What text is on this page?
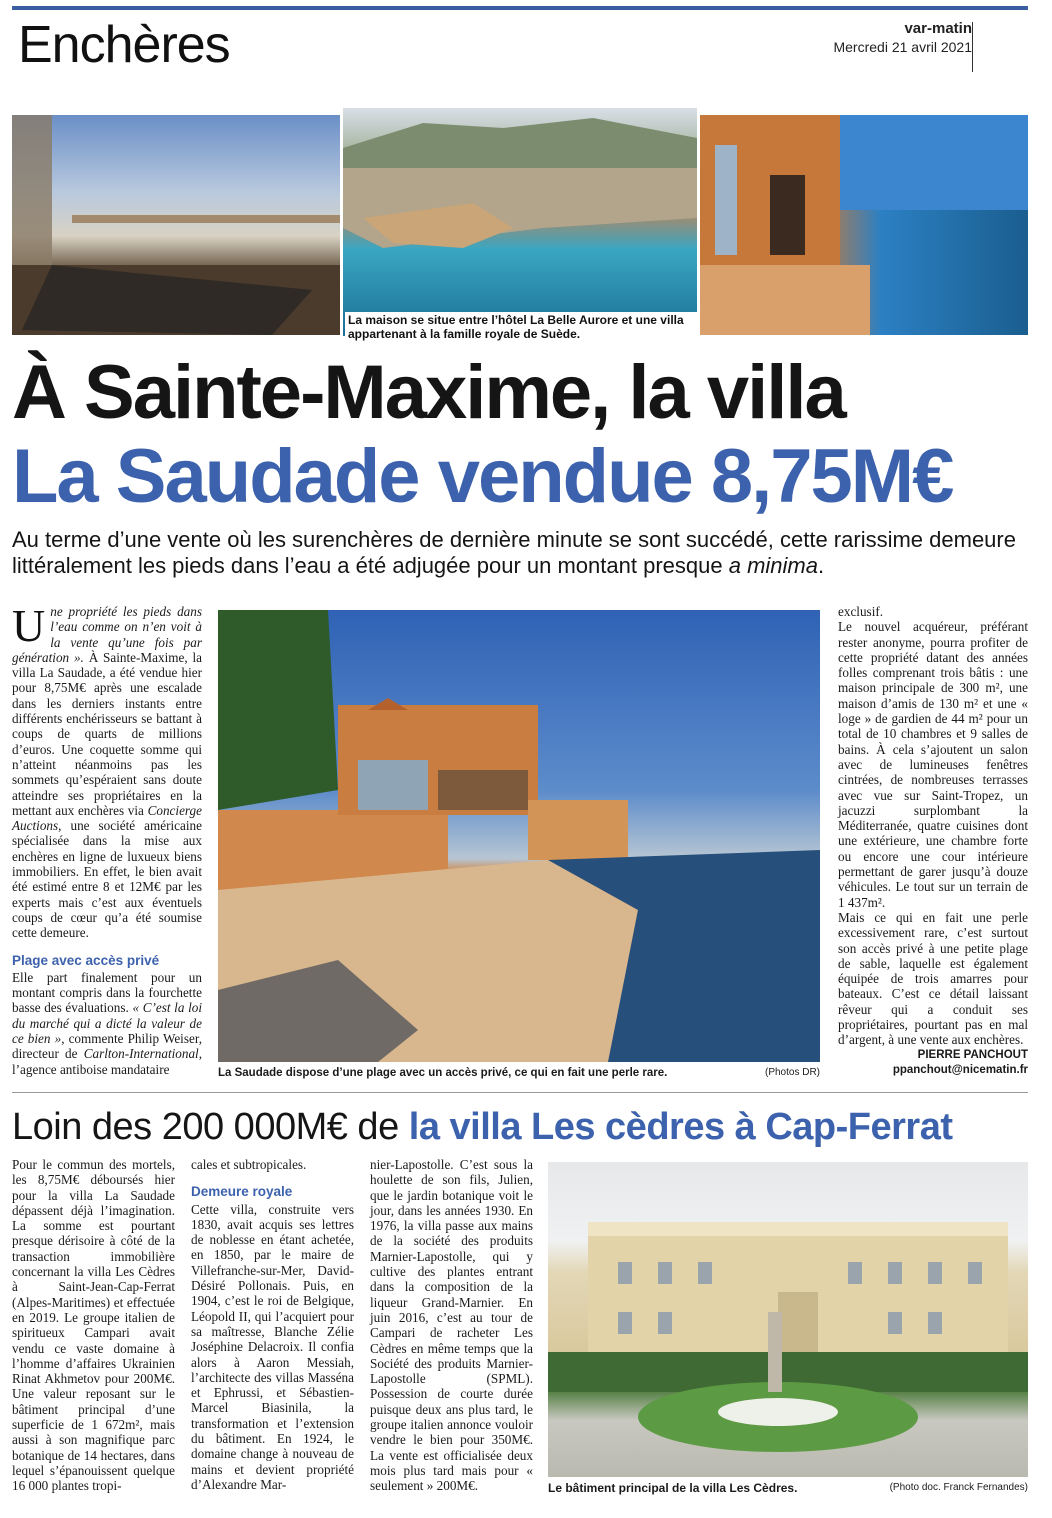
Enchères	var-matin
Mercredi 21 avril 2021
La maison se situe entre l’hôtel La Belle Aurore et une villa appartenant à la famille royale de Suède.
À Sainte-Maxime, la villa
La Saudade vendue 8,75M€
Au terme d’une vente où les surenchères de dernière minute se sont succédé, cette rarissime demeure littéralement les pieds dans l’eau a été adjugée pour un montant presque a minima.

Une propriété les pieds dans l’eau comme on n’en voit à la vente qu’une fois par génération ». À Sainte-Maxime, la villa La Saudade, a été vendue hier pour 8,75M€ après une escalade dans les derniers instants entre différents enchérisseurs se battant à coups de quarts de millions d’euros. Une coquette somme qui n’atteint néanmoins pas les sommets qu’espéraient sans doute atteindre ses propriétaires en la mettant aux enchères via Concierge Auctions, une société américaine spécialisée dans la mise aux enchères en ligne de luxueux biens immobiliers. En effet, le bien avait été estimé entre 8 et 12M€ par les experts mais c’est aux éventuels coups de cœur qu’a été soumise cette demeure.

Plage avec accès privé

Elle part finalement pour un montant compris dans la fourchette basse des évaluations. « C’est la loi du marché qui a dicté la valeur de ce bien », commente Philip Weiser, directeur de Carlton-International, l’agence antiboise mandataire	La Saudade dispose d’une plage avec un accès privé, ce qui en fait une perle rare.	(Photos DR)

exclusif.

Le nouvel acquéreur, préférant rester anonyme, pourra profiter de cette propriété datant des années folles comprenant trois bâtis : une maison principale de 300 m², une maison d’amis de 130 m² et une « loge » de gardien de 44 m² pour un total de 10 chambres et 9 salles de bains. À cela s’ajoutent un salon avec de lumineuses fenêtres cintrées, de nombreuses terrasses avec vue sur Saint-Tropez, un jacuzzi surplombant la Méditerranée, quatre cuisines dont une extérieure, une chambre forte ou encore une cour intérieure permettant de garer jusqu’à douze véhicules. Le tout sur un terrain de 1 437m².

Mais ce qui en fait une perle excessivement rare, c’est surtout son accès privé à une petite plage de sable, laquelle est également équipée de trois amarres pour bateaux. C’est ce détail laissant rêveur qui a conduit ses propriétaires, pourtant pas en mal d’argent, à une vente aux enchères.

PIERRE PANCHOUT
ppanchout@nicematin.fr
Loin des 200 000M€ de la villa Les cèdres à Cap-Ferrat

Pour le commun des mortels, les 8,75M€ déboursés hier pour la villa La Saudade dépassent déjà l’imagination. La somme est pourtant presque dérisoire à côté de la transaction immobilière concernant la villa Les Cèdres à Saint-Jean-Cap-Ferrat (Alpes-Maritimes) et effectuée en 2019. Le groupe italien de spiritueux Campari avait vendu ce vaste domaine à l’homme d’affaires Ukrainien Rinat Akhmetov pour 200M€. Une valeur reposant sur le bâtiment principal d’une superficie de 1 672m², mais aussi à son magnifique parc botanique de 14 hectares, dans lequel s’épanouissent quelque 16 000 plantes tropi-

cales et subtropicales.

Demeure royale

Cette villa, construite vers 1830, avait acquis ses lettres de noblesse en étant achetée, en 1850, par le maire de Villefranche-sur-Mer, David-Désiré Pollonais. Puis, en 1904, c’est le roi de Belgique, Léopold II, qui l’acquiert pour sa maîtresse, Blanche Zélie Joséphine Delacroix. Il confia alors à Aaron Messiah, l’architecte des villas Masséna et Ephrussi, et Sébastien-Marcel Biasinila, la transformation et l’extension du bâtiment. En 1924, le domaine change à nouveau de mains et devient propriété d’Alexandre Mar-

nier-Lapostolle. C’est sous la houlette de son fils, Julien, que le jardin botanique voit le jour, dans les années 1930. En 1976, la villa passe aux mains de la société des produits Marnier-Lapostolle, qui y cultive des plantes entrant dans la composition de la liqueur Grand-Marnier. En juin 2016, c’est au tour de Campari de racheter Les Cèdres en même temps que la Société des produits Marnier-Lapostolle (SPML). Possession de courte durée puisque deux ans plus tard, le groupe italien annonce vouloir vendre le bien pour 350M€. La vente est officialisée deux mois plus tard mais pour « seulement » 200M€.	Le bâtiment principal de la villa Les Cèdres.	(Photo doc. Franck Fernandes)
